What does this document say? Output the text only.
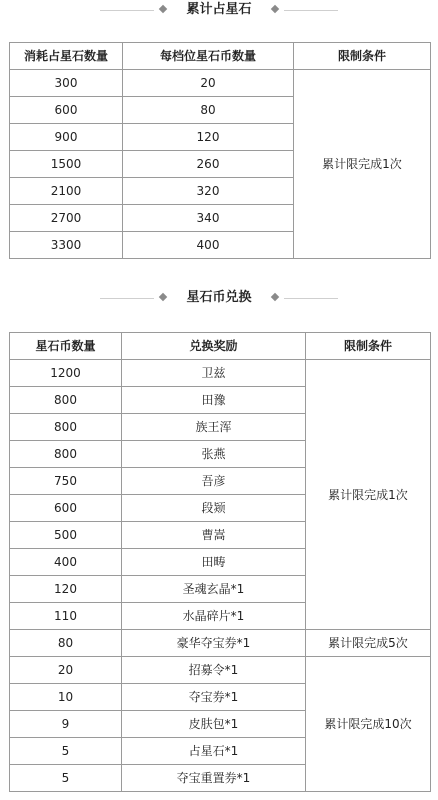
累计占星石
消耗占星石数量	每档位星石币数量	限制条件
300	20	累计限完成1次
600	80	
900	120	
1500	260	
2100	320	
2700	340	
3300	400	
星石币兑换
星石币数量	兑换奖励	限制条件
1200	卫兹	累计限完成1次
800	田豫	
800	族王浑	
800	张燕	
750	吾彦	
600	段颎	
500	曹嵩	
400	田畴	
120	圣魂玄晶*1	
110	水晶碎片*1	
80	豪华夺宝券*1	累计限完成5次
20	招募令*1	累计限完成10次
10	夺宝券*1	
9	皮肤包*1	
5	占星石*1	
5	夺宝重置券*1	
